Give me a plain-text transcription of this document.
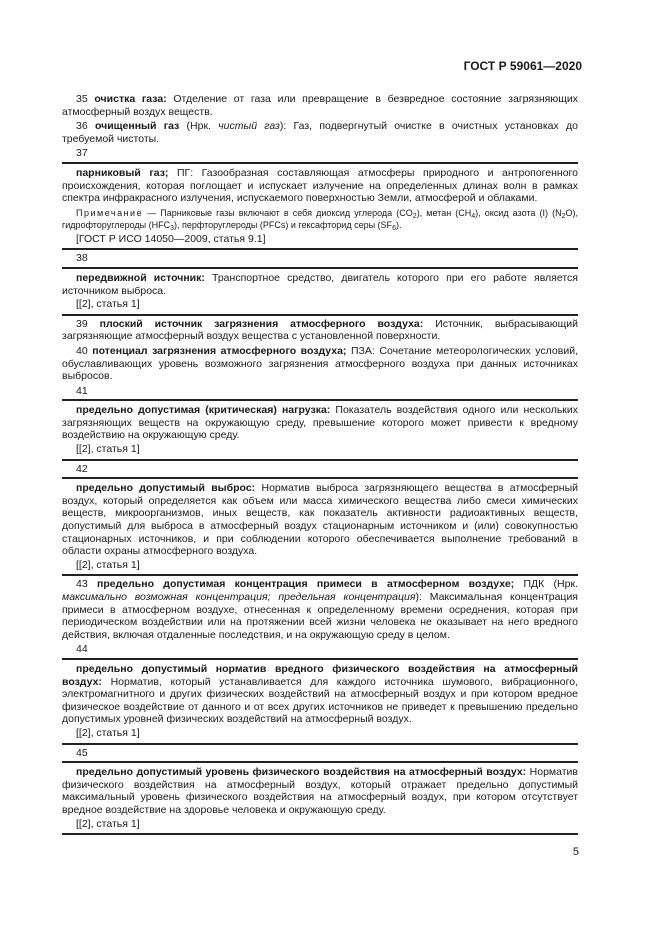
ГОСТ Р 59061—2020

35 очистка газа: Отделение от газа или превращение в безвредное состояние загрязняющих атмосферный воздух веществ.

36 очищенный газ (Нрк. чистый газ): Газ, подвергнутый очистке в очистных установках до требуемой чистоты.

37

парниковый газ; ПГ: Газообразная составляющая атмосферы природного и антропогенного происхождения, которая поглощает и испускает излучение на определенных длинах волн в рамках спектра инфракрасного излучения, испускаемого поверхностью Земли, атмосферой и облаками.

Примечание — Парниковые газы включают в себя диоксид углерода $(CO_2)$, метан $(CH_4)$, оксид азота (I) $(N_2O)$, гидрофторуглероды $(HFC_3)$, перфторуглероды (PFCs) и гексафторид серы $(SF_6)$.

[ГОСТ Р ИСО 14050—2009, статья 9.1]
38

передвижной источник: Транспортное средство, двигатель которого при его работе является источником выброса.

[[2], статья 1]

39 плоский источник загрязнения атмосферного воздуха: Источник, выбрасывающий загрязняющие атмосферный воздух вещества с установленной поверхности.

40 потенциал загрязнения атмосферного воздуха; ПЗА: Сочетание метеорологических условий, обуславливающих уровень возможного загрязнения атмосферного воздуха при данных источниках выбросов.

41

предельно допустимая (критическая) нагрузка: Показатель воздействия одного или нескольких загрязняющих веществ на окружающую среду, превышение которого может привести к вредному воздействию на окружающую среду.

[[2], статья 1]
42

предельно допустимый выброс: Норматив выброса загрязняющего вещества в атмосферный воздух, который определяется как объем или масса химического вещества либо смеси химических веществ, микроорганизмов, иных веществ, как показатель активности радиоактивных веществ, допустимый для выброса в атмосферный воздух стационарным источником и (или) совокупностью стационарных источников, и при соблюдении которого обеспечивается выполнение требований в области охраны атмосферного воздуха.

[[2], статья 1]

43 предельно допустимая концентрация примеси в атмосферном воздухе; ПДК (Нрк. максимально возможная концентрация; предельная концентрация): Максимальная концентрация примеси в атмосферном воздухе, отнесенная к определенному времени осреднения, которая при периодическом воздействии или на протяжении всей жизни человека не оказывает на него вредного действия, включая отдаленные последствия, и на окружающую среду в целом.

44

предельно допустимый норматив вредного физического воздействия на атмосферный воздух: Норматив, который устанавливается для каждого источника шумового, вибрационного, электромагнитного и других физических воздействий на атмосферный воздух и при котором вредное физическое воздействие от данного и от всех других источников не приведет к превышению предельно допустимых уровней физических воздействий на атмосферный воздух.

[[2], статья 1]
45

предельно допустимый уровень физического воздействия на атмосферный воздух: Норматив физического воздействия на атмосферный воздух, который отражает предельно допустимый максимальный уровень физического воздействия на атмосферный воздух, при котором отсутствует вредное воздействие на здоровье человека и окружающую среду.

[[2], статья 1]
5
